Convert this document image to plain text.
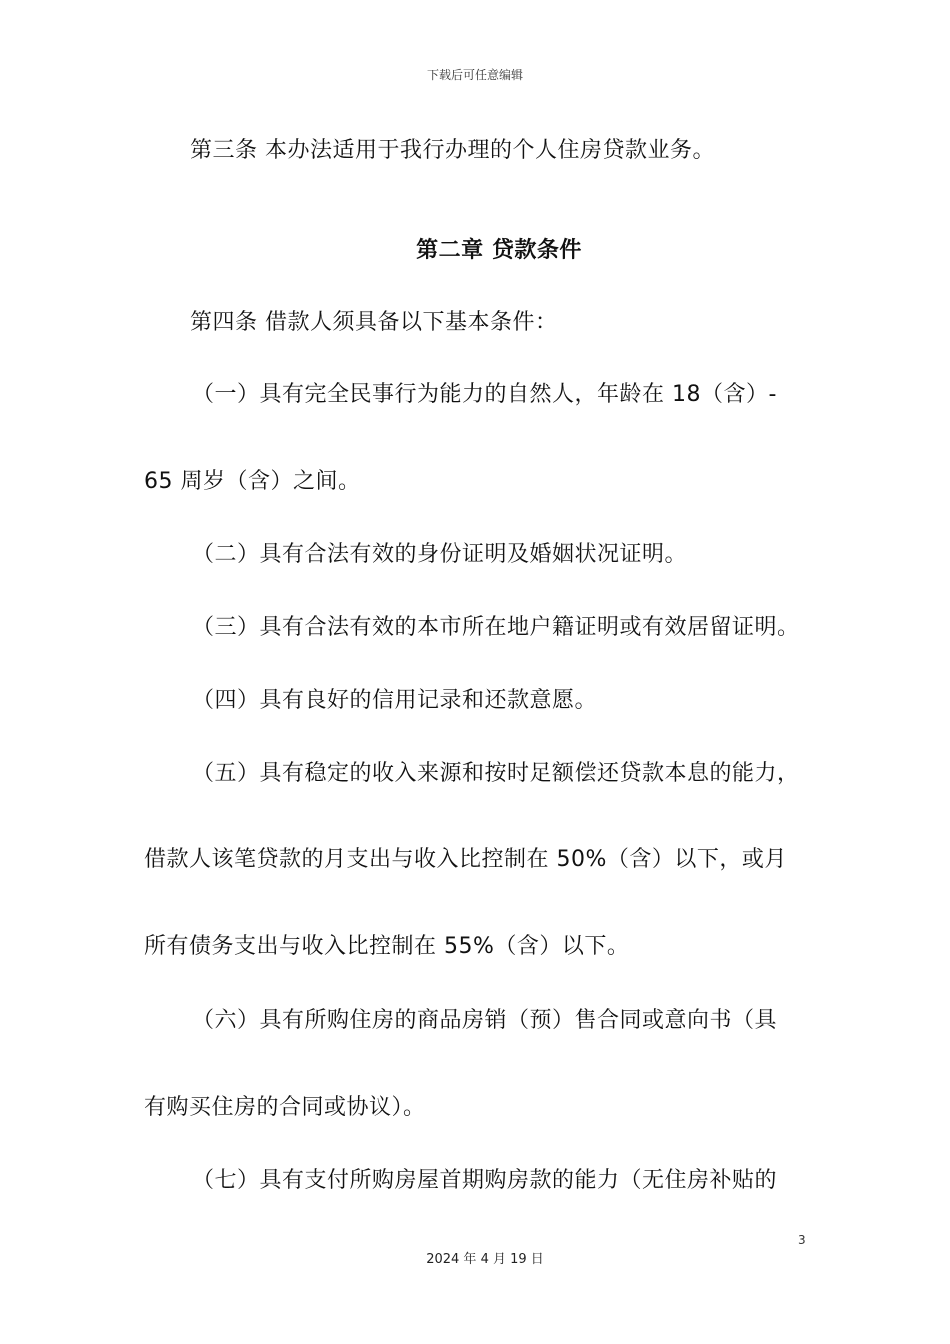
下载后可任意编辑
第三条 本办法适用于我行办理的个人住房贷款业务。
第二章 贷款条件
第四条 借款人须具备以下基本条件：
（一）具有完全民事行为能力的自然人，年龄在 18（含）-
65 周岁（含）之间。
（二）具有合法有效的身份证明及婚姻状况证明。
（三）具有合法有效的本市所在地户籍证明或有效居留证明。
（四）具有良好的信用记录和还款意愿。
（五）具有稳定的收入来源和按时足额偿还贷款本息的能力，
借款人该笔贷款的月支出与收入比控制在 50%（含）以下，或月
所有债务支出与收入比控制在 55%（含）以下。
（六）具有所购住房的商品房销（预）售合同或意向书（具
有购买住房的合同或协议）。
（七）具有支付所购房屋首期购房款的能力（无住房补贴的
3
2024 年 4 月 19 日
